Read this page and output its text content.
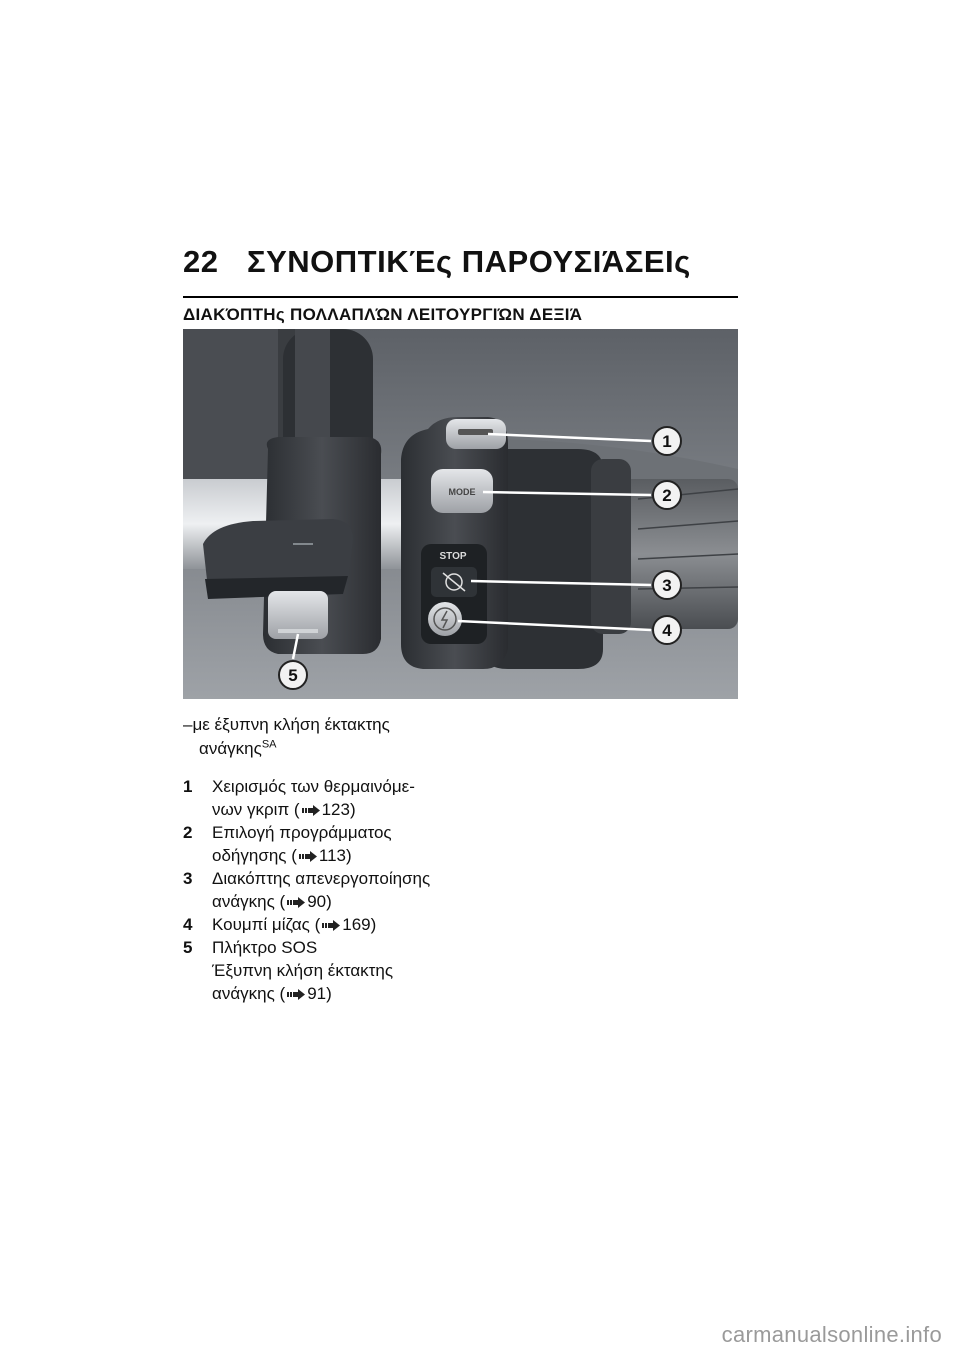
22 ΣΥΝΟΠΤΙΚΈς ΠΑΡΟΥΣΙΆΣΕΙς
ΔΙΑΚΌΠΤΗς ΠΟΛΛΑΠΛΏΝ ΛΕΙΤΟΥΡΓΙΏΝ ΔΕΞΙΆ
MODE
STOP
1
2
3
4
5
–με έξυπνη κλήση έκτακτης
ανάγκης$^{SA}$
1	Χειρισμός των θερμαινόμε-
νων γκριπ ( 123)
2	Επιλογή προγράμματος
οδήγησης ( 113)
3	Διακόπτης απενεργοποίησης
ανάγκης ( 90)
4	Κουμπί μίζας ( 169)
5	Πλήκτρο SOS
Έξυπνη κλήση έκτακτης
ανάγκης ( 91)
carmanualsonline.info
